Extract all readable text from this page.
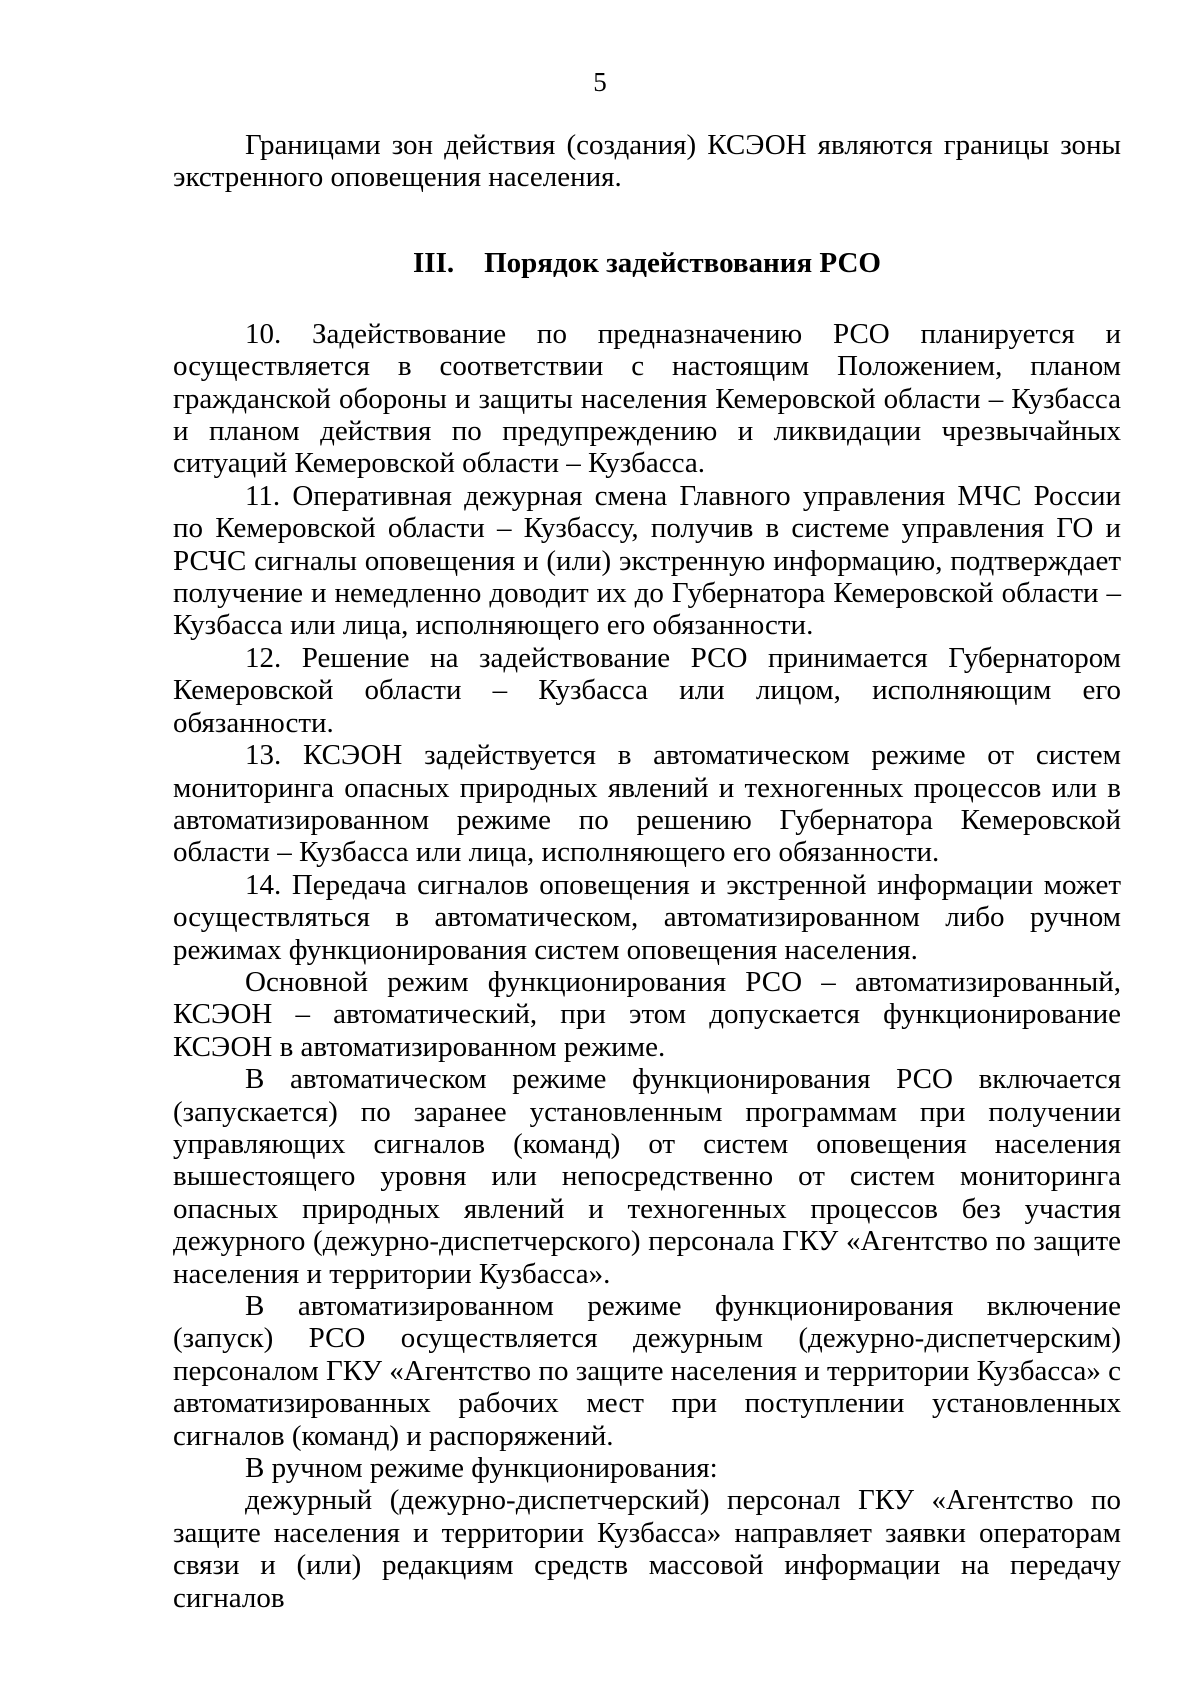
5

Границами зон действия (создания) КСЭОН являются границы зоны экстренного оповещения населения.

III. Порядок задействования РСО

10. Задействование по предназначению РСО планируется и осуществляется в соответствии с настоящим Положением, планом гражданской обороны и защиты населения Кемеровской области – Кузбасса и планом действия по предупреждению и ликвидации чрезвычайных ситуаций Кемеровской области – Кузбасса.

11. Оперативная дежурная смена Главного управления МЧС России по Кемеровской области – Кузбассу, получив в системе управления ГО и РСЧС сигналы оповещения и (или) экстренную информацию, подтверждает получение и немедленно доводит их до Губернатора Кемеровской области – Кузбасса или лица, исполняющего его обязанности.

12. Решение на задействование РСО принимается Губернатором Кемеровской области – Кузбасса или лицом, исполняющим его обязанности.

13. КСЭОН задействуется в автоматическом режиме от систем мониторинга опасных природных явлений и техногенных процессов или в автоматизированном режиме по решению Губернатора Кемеровской области – Кузбасса или лица, исполняющего его обязанности.

14. Передача сигналов оповещения и экстренной информации может осуществляться в автоматическом, автоматизированном либо ручном режимах функционирования систем оповещения населения.

Основной режим функционирования РСО – автоматизированный, КСЭОН – автоматический, при этом допускается функционирование КСЭОН в автоматизированном режиме.

В автоматическом режиме функционирования РСО включается (запускается) по заранее установленным программам при получении управляющих сигналов (команд) от систем оповещения населения вышестоящего уровня или непосредственно от систем мониторинга опасных природных явлений и техногенных процессов без участия дежурного (дежурно-диспетчерского) персонала ГКУ «Агентство по защите населения и территории Кузбасса».

В автоматизированном режиме функционирования включение (запуск) РСО осуществляется дежурным (дежурно-диспетчерским) персоналом ГКУ «Агентство по защите населения и территории Кузбасса» с автоматизированных рабочих мест при поступлении установленных сигналов (команд) и распоряжений.

В ручном режиме функционирования:

дежурный (дежурно-диспетчерский) персонал ГКУ «Агентство по защите населения и территории Кузбасса» направляет заявки операторам связи и (или) редакциям средств массовой информации на передачу сигналов
